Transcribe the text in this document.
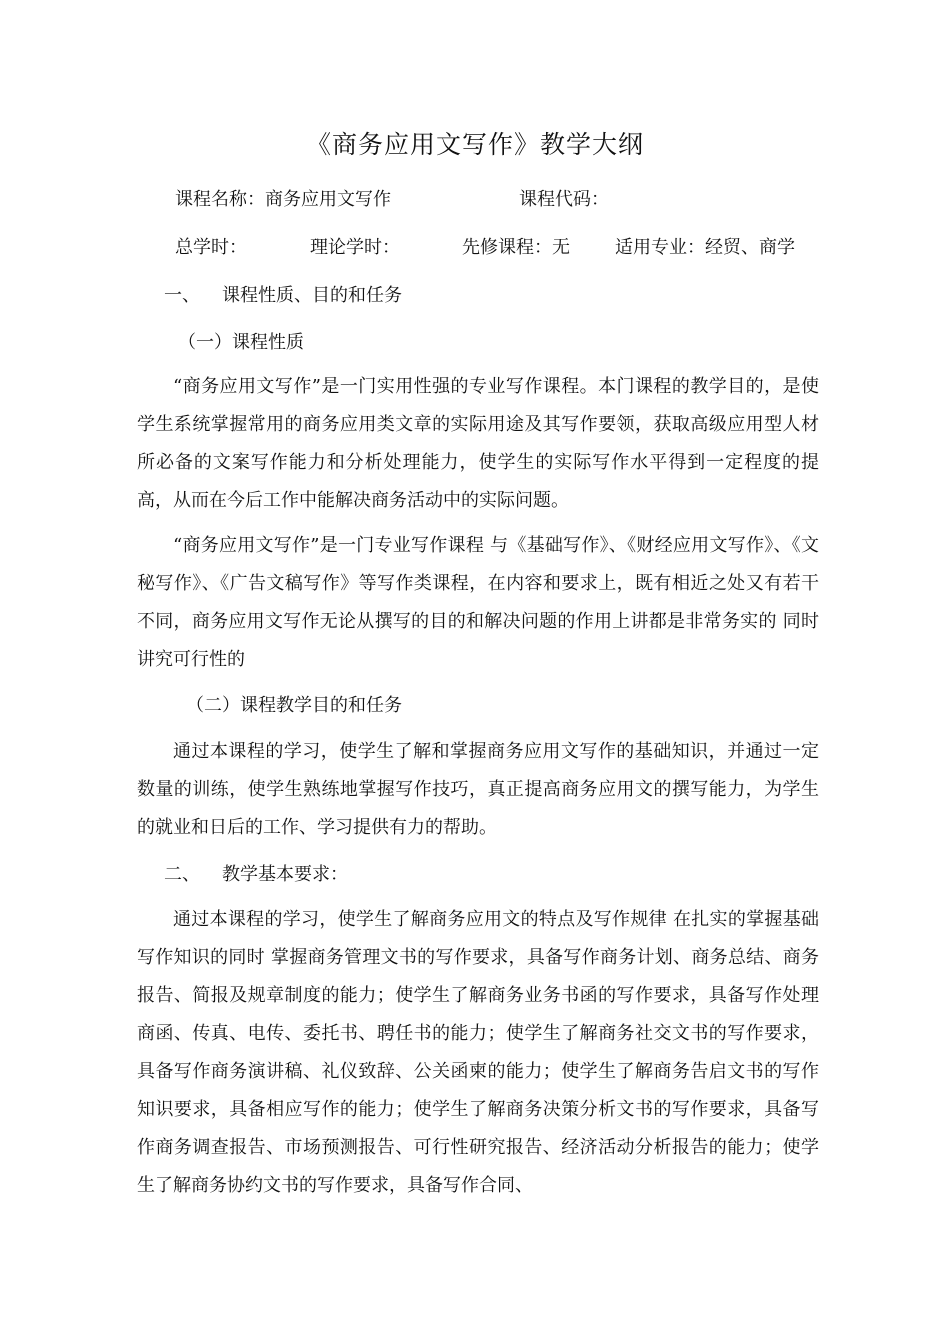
《商务应用文写作》教学大纲
课程名称：商务应用文写作	课程代码：
总学时：	理论学时：	先修课程：无	适用专业：经贸、商学
一、 课程性质、目的和任务
（一）课程性质
“商务应用文写作”是一门实用性强的专业写作课程。本门课程的教学目的，是使学生系统掌握常用的商务应用类文章的实际用途及其写作要领，获取高级应用型人材所必备的文案写作能力和分析处理能力，使学生的实际写作水平得到一定程度的提高，从而在今后工作中能解决商务活动中的实际问题。
“商务应用文写作”是一门专业写作课程 与《基础写作》、《财经应用文写作》、《文秘写作》、《广告文稿写作》等写作类课程，在内容和要求上，既有相近之处又有若干不同，商务应用文写作无论从撰写的目的和解决问题的作用上讲都是非常务实的 同时讲究可行性的
（二）课程教学目的和任务
通过本课程的学习，使学生了解和掌握商务应用文写作的基础知识，并通过一定数量的训练，使学生熟练地掌握写作技巧，真正提高商务应用文的撰写能力，为学生的就业和日后的工作、学习提供有力的帮助。
二、 教学基本要求：
通过本课程的学习，使学生了解商务应用文的特点及写作规律 在扎实的掌握基础写作知识的同时 掌握商务管理文书的写作要求，具备写作商务计划、商务总结、商务报告、简报及规章制度的能力；使学生了解商务业务书函的写作要求，具备写作处理商函、传真、电传、委托书、聘任书的能力；使学生了解商务社交文书的写作要求，具备写作商务演讲稿、礼仪致辞、公关函柬的能力；使学生了解商务告启文书的写作知识要求，具备相应写作的能力；使学生了解商务决策分析文书的写作要求，具备写作商务调查报告、市场预测报告、可行性研究报告、经济活动分析报告的能力；使学生了解商务协约文书的写作要求，具备写作合同、
